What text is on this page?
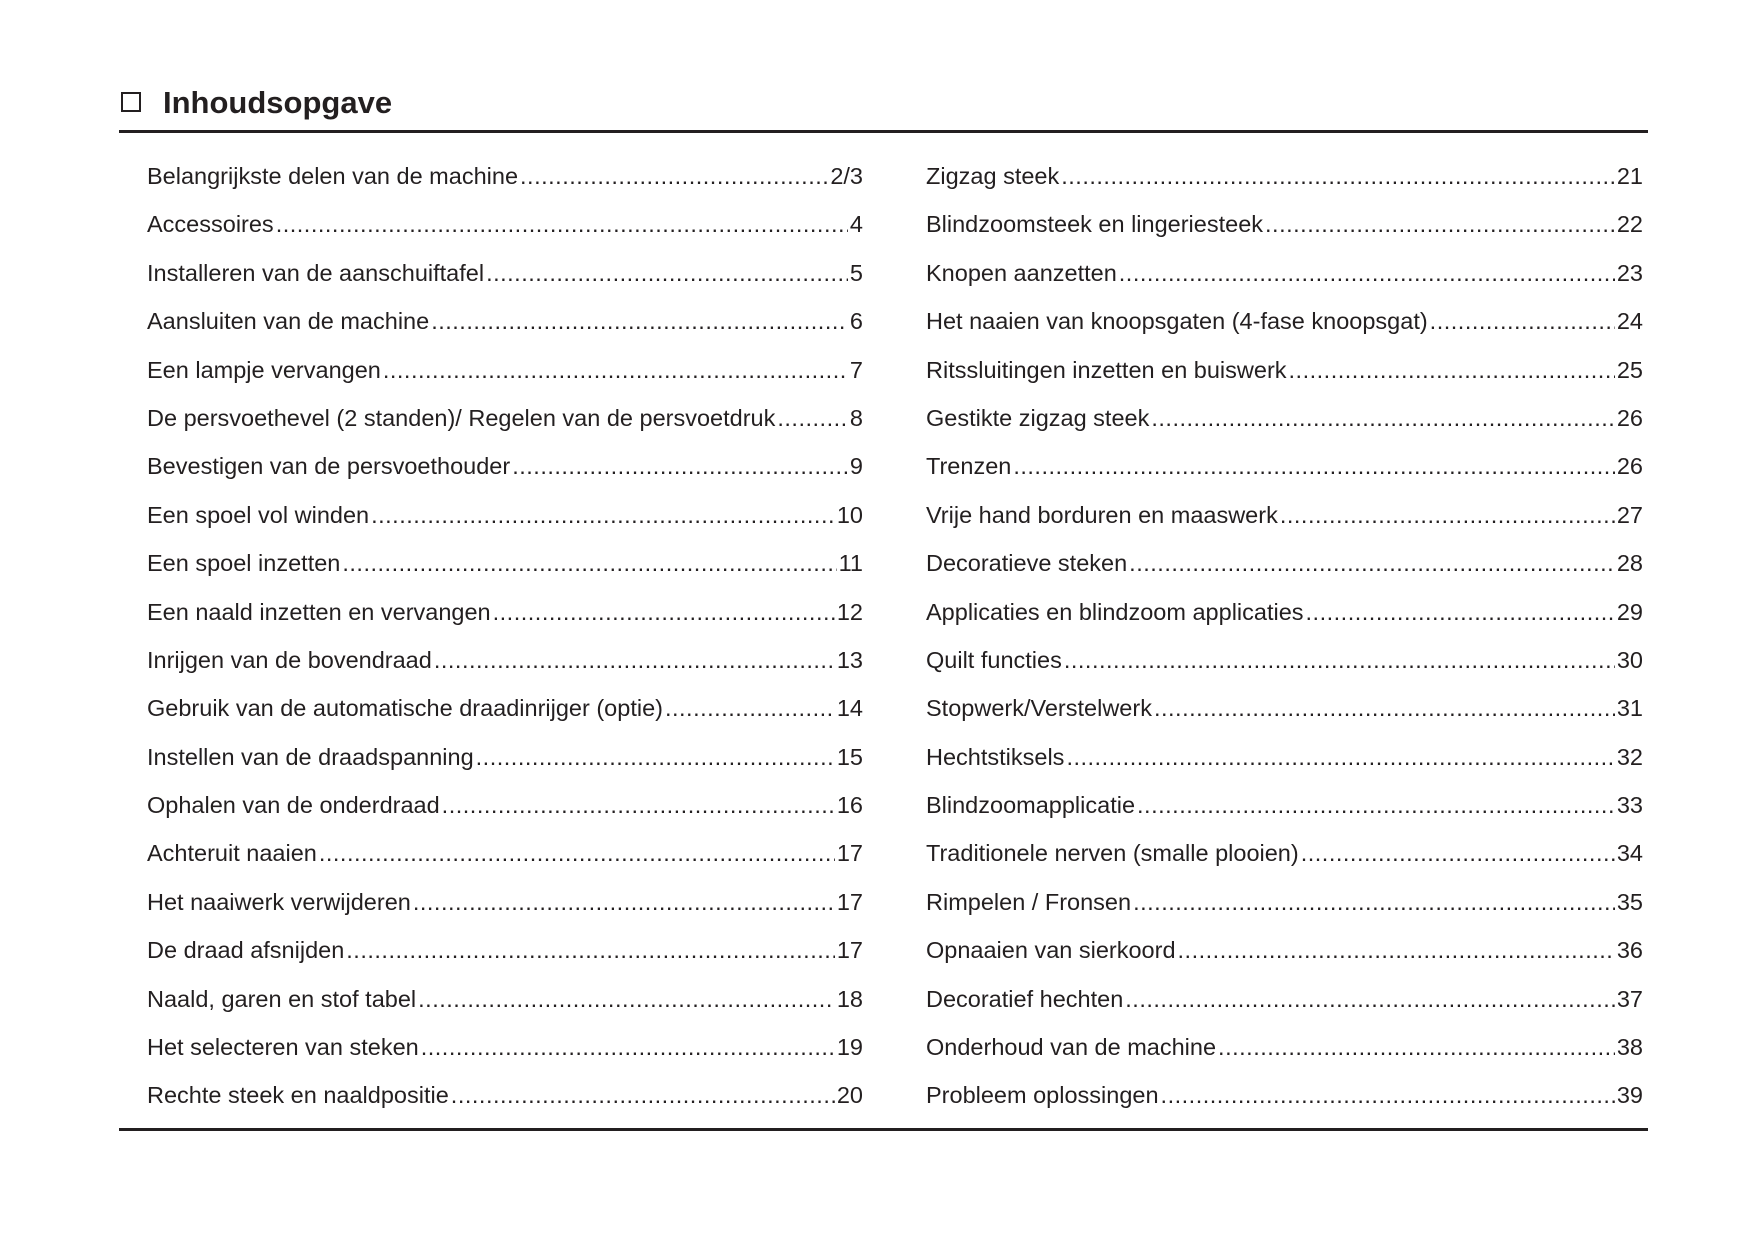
Inhoudsopgave
Belangrijkste delen van de machine .....	2/3
Accessoires .....	4
Installeren van de aanschuiftafel .....	5
Aansluiten van de machine .....	6
Een lampje vervangen .....	7
De persvoethevel (2 standen)/ Regelen van de persvoetdruk .....	8
Bevestigen van de persvoethouder .....	9
Een spoel vol winden .....	10
Een spoel inzetten .....	11
Een naald inzetten en vervangen .....	12
Inrijgen van de bovendraad .....	13
Gebruik van de automatische draadinrijger (optie) .....	14
Instellen van de draadspanning .....	15
Ophalen van de onderdraad .....	16
Achteruit naaien .....	17
Het naaiwerk verwijderen .....	17
De draad afsnijden .....	17
Naald, garen en stof tabel .....	18
Het selecteren van steken .....	19
Rechte steek en naaldpositie .....	20
Zigzag steek .....	21
Blindzoomsteek en lingeriesteek .....	22
Knopen aanzetten .....	23
Het naaien van knoopsgaten (4-fase knoopsgat) .....	24
Ritssluitingen inzetten en buiswerk .....	25
Gestikte zigzag steek .....	26
Trenzen .....	26
Vrije hand borduren en maaswerk .....	27
Decoratieve steken .....	28
Applicaties en blindzoom applicaties .....	29
Quilt functies .....	30
Stopwerk/Verstelwerk .....	31
Hechtstiksels .....	32
Blindzoomapplicatie .....	33
Traditionele nerven (smalle plooien) .....	34
Rimpelen / Fronsen .....	35
Opnaaien van sierkoord .....	36
Decoratief hechten .....	37
Onderhoud van de machine .....	38
Probleem oplossingen .....	39
